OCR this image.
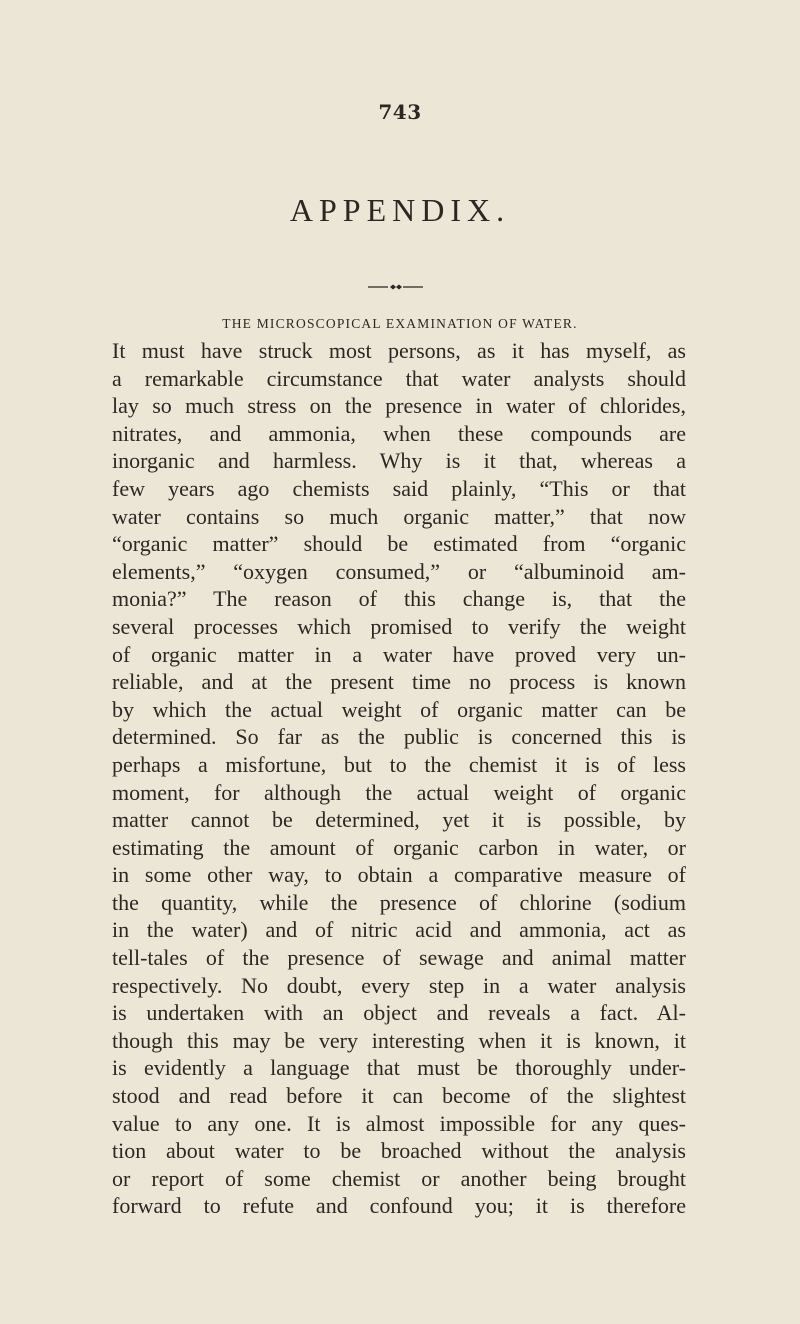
743
APPENDIX.
THE MICROSCOPICAL EXAMINATION OF WATER.
It must have struck most persons, as it has myself, as
a remarkable circumstance that water analysts should
lay so much stress on the presence in water of chlorides,
nitrates, and ammonia, when these compounds are
inorganic and harmless. Why is it that, whereas a
few years ago chemists said plainly, “This or that
water contains so much organic matter,” that now
“organic matter” should be estimated from “organic
elements,” “oxygen consumed,” or “albuminoid am-
monia?” The reason of this change is, that the
several processes which promised to verify the weight
of organic matter in a water have proved very un-
reliable, and at the present time no process is known
by which the actual weight of organic matter can be
determined. So far as the public is concerned this is
perhaps a misfortune, but to the chemist it is of less
moment, for although the actual weight of organic
matter cannot be determined, yet it is possible, by
estimating the amount of organic carbon in water, or
in some other way, to obtain a comparative measure of
the quantity, while the presence of chlorine (sodium
in the water) and of nitric acid and ammonia, act as
tell-tales of the presence of sewage and animal matter
respectively. No doubt, every step in a water analysis
is undertaken with an object and reveals a fact. Al-
though this may be very interesting when it is known, it
is evidently a language that must be thoroughly under-
stood and read before it can become of the slightest
value to any one. It is almost impossible for any ques-
tion about water to be broached without the analysis
or report of some chemist or another being brought
forward to refute and confound you; it is therefore
